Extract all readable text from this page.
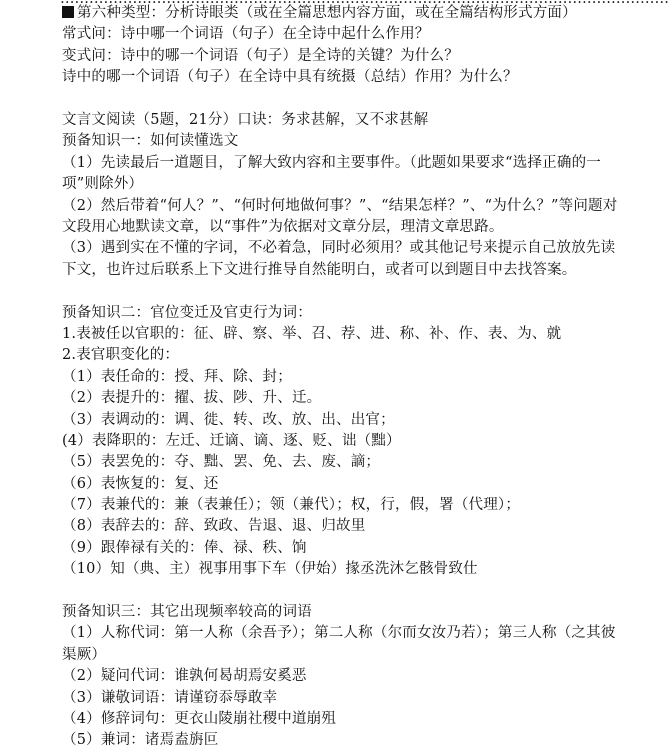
第六种类型：分析诗眼类（或在全篇思想内容方面，或在全篇结构形式方面）
常式问：诗中哪一个词语（句子）在全诗中起什么作用？
变式问：诗中的哪一个词语（句子）是全诗的关键？为什么？
诗中的哪一个词语（句子）在全诗中具有统摄（总结）作用？为什么？
文言文阅读（5题，21分）口诀：务求甚解，又不求甚解
预备知识一：如何读懂选文
（1）先读最后一道题目，了解大致内容和主要事件。（此题如果要求“选择正确的一项”则除外）
（2）然后带着“何人？”、“何时何地做何事？”、“结果怎样？”、“为什么？”等问题对文段用心地默读文章，以“事件”为依据对文章分层，理清文章思路。
（3）遇到实在不懂的字词，不必着急，同时必须用？或其他记号来提示自己放放先读下文，也许过后联系上下文进行推导自然能明白，或者可以到题目中去找答案。
预备知识二：官位变迁及官吏行为词：
1.表被任以官职的：征、辟、察、举、召、荐、进、称、补、作、表、为、就
2.表官职变化的：
（1）表任命的：授、拜、除、封；
（2）表提升的：擢、拔、陟、升、迁。
（3）表调动的：调、徙、转、改、放、出、出官；
(4）表降职的：左迁、迁谪、谪、逐、贬、诎（黜）
（5）表罢免的：夺、黜、罢、免、去、废、謫；
（6）表恢复的：复、还
（7）表兼代的：兼（表兼任）；领（兼代）；权，行，假，署（代理）；
（8）表辞去的：辞、致政、告退、退、归故里
（9）跟俸禄有关的：俸、禄、秩、饷
（10）知（典、主）视事用事下车（伊始）掾丞洗沐乞骸骨致仕
预备知识三：其它出现频率较高的词语
（1）人称代词：第一人称（余吾予）；第二人称（尔而女汝乃若）；第三人称（之其彼渠厥）
（2）疑问代词：谁孰何曷胡焉安奚恶
（3）谦敬词语：请谨窃忝辱敢幸
（4）修辞词句：更衣山陵崩社稷中道崩殂
（5）兼词：诸焉盍旃叵
